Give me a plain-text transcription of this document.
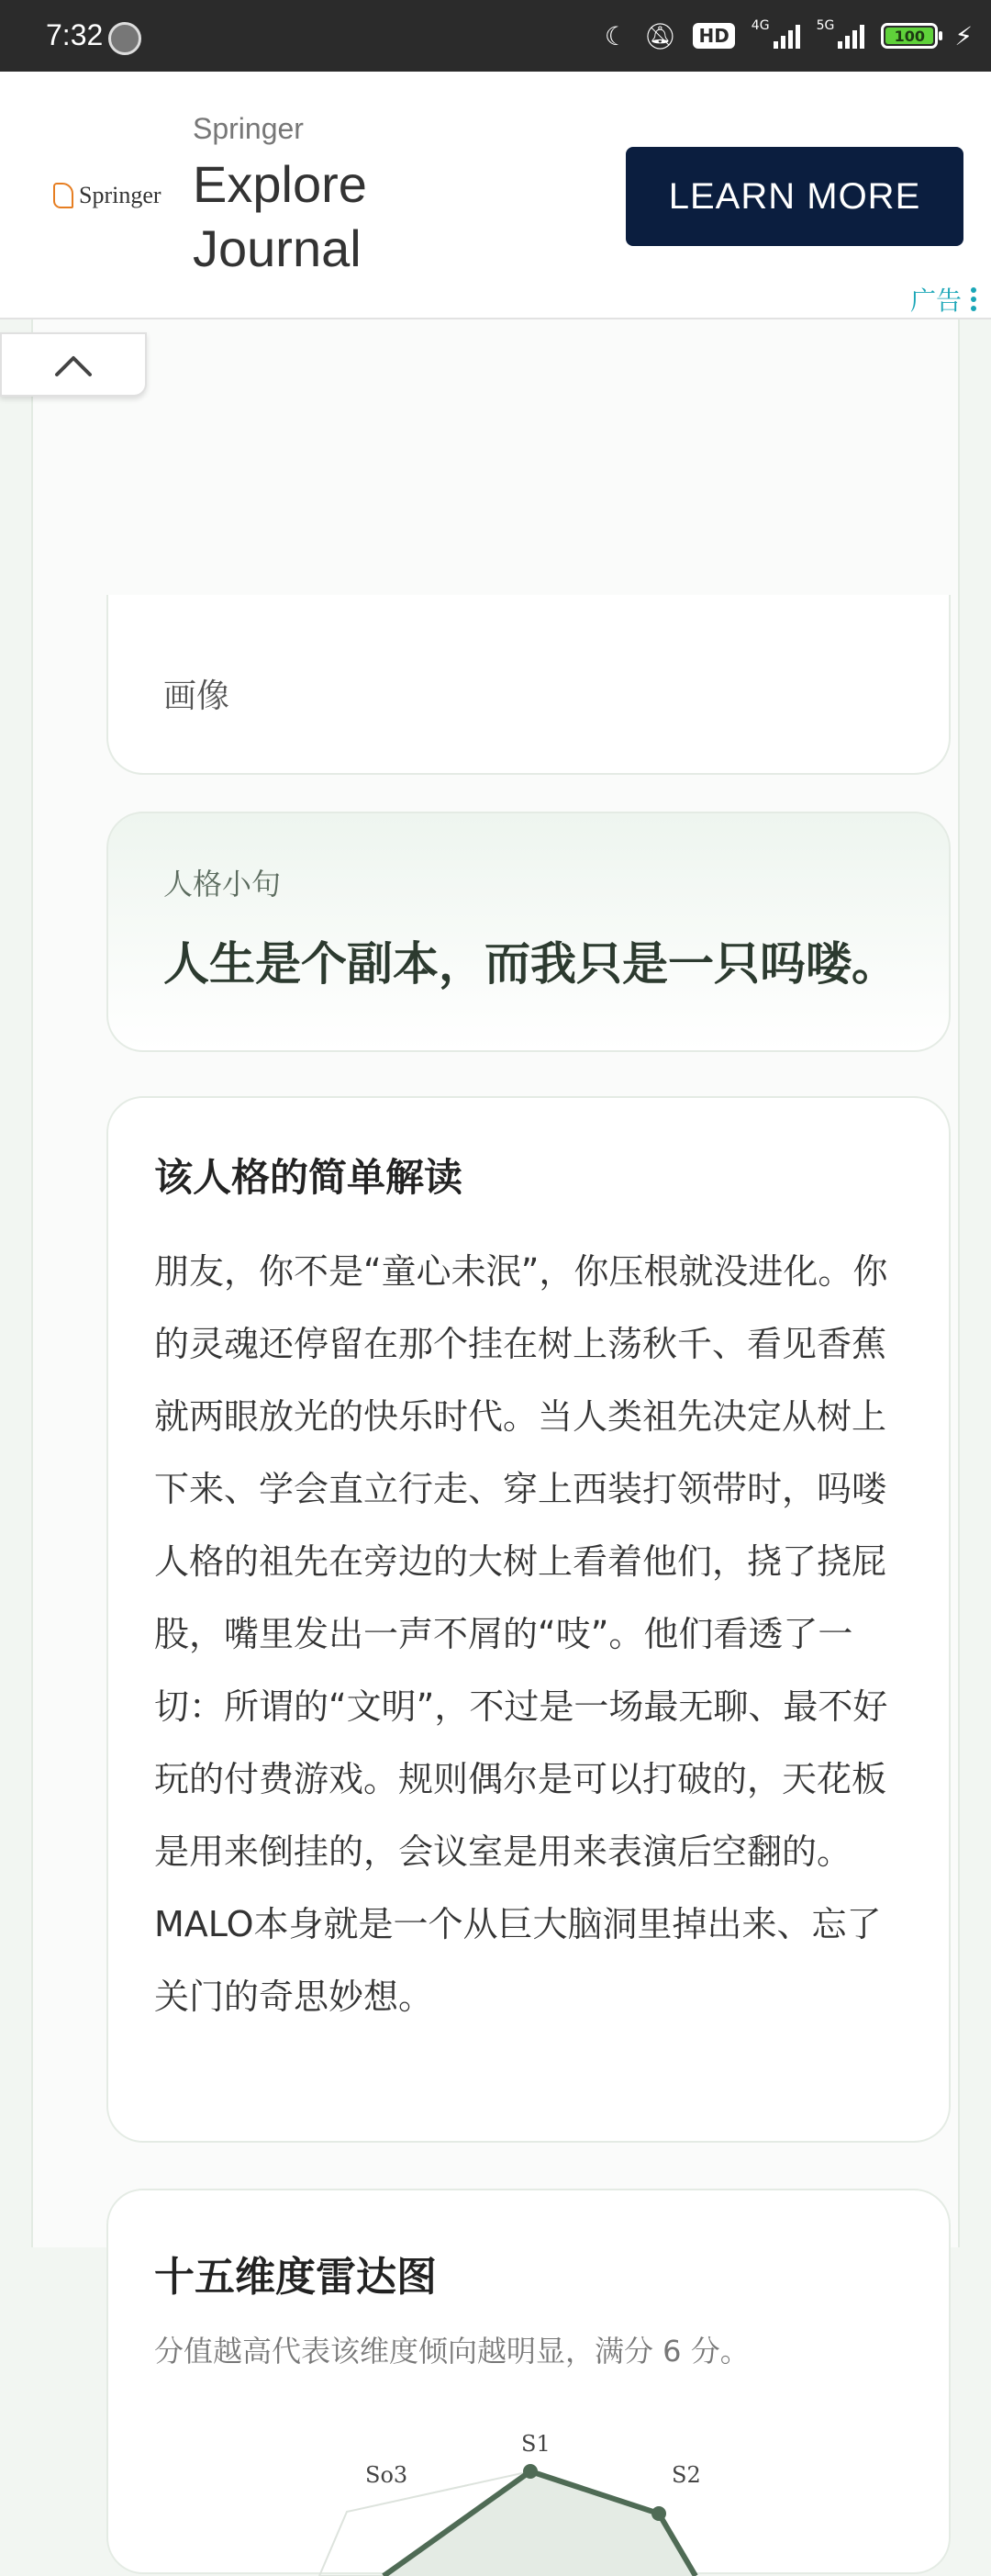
7:32	☾ 🔕︎	HD	4G	5G
100	⚡
Springer
Springer
Explore Journal
LEARN MORE
广告
画像
人格小句
人生是个副本，而我只是一只吗喽。
该人格的简单解读
朋友，你不是“童心未泯”，你压根就没进化。你的灵魂还停留在那个挂在树上荡秋千、看见香蕉就两眼放光的快乐时代。当人类祖先决定从树上下来、学会直立行走、穿上西装打领带时，吗喽人格的祖先在旁边的大树上看着他们，挠了挠屁股，嘴里发出一声不屑的“吱”。他们看透了一切：所谓的“文明”，不过是一场最无聊、最不好玩的付费游戏。规则偶尔是可以打破的，天花板是用来倒挂的，会议室是用来表演后空翻的。MALO本身就是一个从巨大脑洞里掉出来、忘了关门的奇思妙想。
十五维度雷达图
分值越高代表该维度倾向越明显，满分 6 分。
S1
S2
So3
